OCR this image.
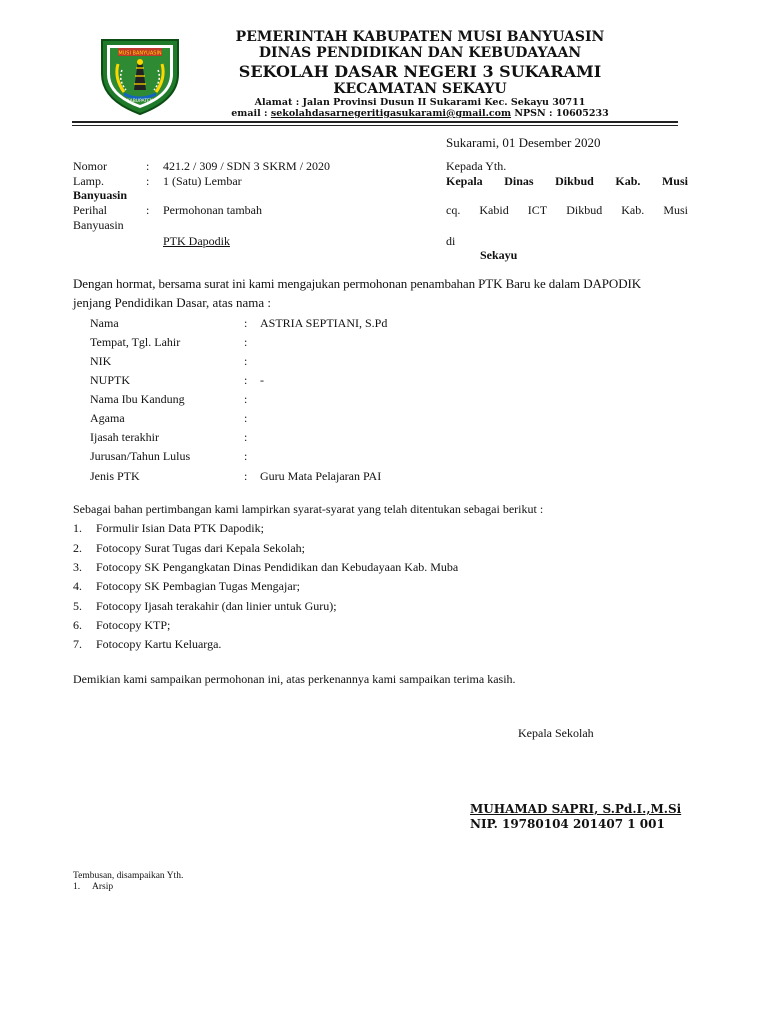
MUSI BANYUASIN
KABUPATEN
PEMERINTAH KABUPATEN MUSI BANYUASIN
DINAS PENDIDIKAN DAN KEBUDAYAAN
SEKOLAH DASAR NEGERI 3 SUKARAMI
KECAMATAN SEKAYU
Alamat : Jalan Provinsi Dusun II Sukarami Kec. Sekayu 30711
email : sekolahdasarnegeritigasukarami@gmail.com NPSN : 10605233
Sukarami, 01 Desember 2020
Nomor	: 421.2 / 309 / SDN 3 SKRM / 2020
Lamp.	: 1 (Satu) Lembar
Banyuasin
Perihal	: Permohonan tambah
Banyuasin
PTK Dapodik
Kepada Yth.
Kepala Dinas Dikbud Kab. Musi
cq. Kabid ICT Dikbud Kab. Musi
di
Sekayu
Dengan hormat, bersama surat ini kami mengajukan permohonan penambahan PTK Baru ke dalam DAPODIK
jenjang Pendidikan Dasar, atas nama :
Nama	: ASTRIA SEPTIANI, S.Pd
Tempat, Tgl. Lahir	:
NIK	:
NUPTK	: -
Nama Ibu Kandung	:
Agama	:
Ijasah terakhir	:
Jurusan/Tahun Lulus	:
Jenis PTK	: Guru Mata Pelajaran PAI
Sebagai bahan pertimbangan kami lampirkan syarat-syarat yang telah ditentukan sebagai berikut :
1. Formulir Isian Data PTK Dapodik;
2. Fotocopy Surat Tugas dari Kepala Sekolah;
3. Fotocopy SK Pengangkatan Dinas Pendidikan dan Kebudayaan Kab. Muba
4. Fotocopy SK Pembagian Tugas Mengajar;
5. Fotocopy Ijasah terakahir (dan linier untuk Guru);
6. Fotocopy KTP;
7. Fotocopy Kartu Keluarga.
Demikian kami sampaikan permohonan ini, atas perkenannya kami sampaikan terima kasih.
Kepala Sekolah
MUHAMAD SAPRI, S.Pd.I.,M.Si
NIP. 19780104 201407 1 001
Tembusan, disampaikan Yth.
1. Arsip
